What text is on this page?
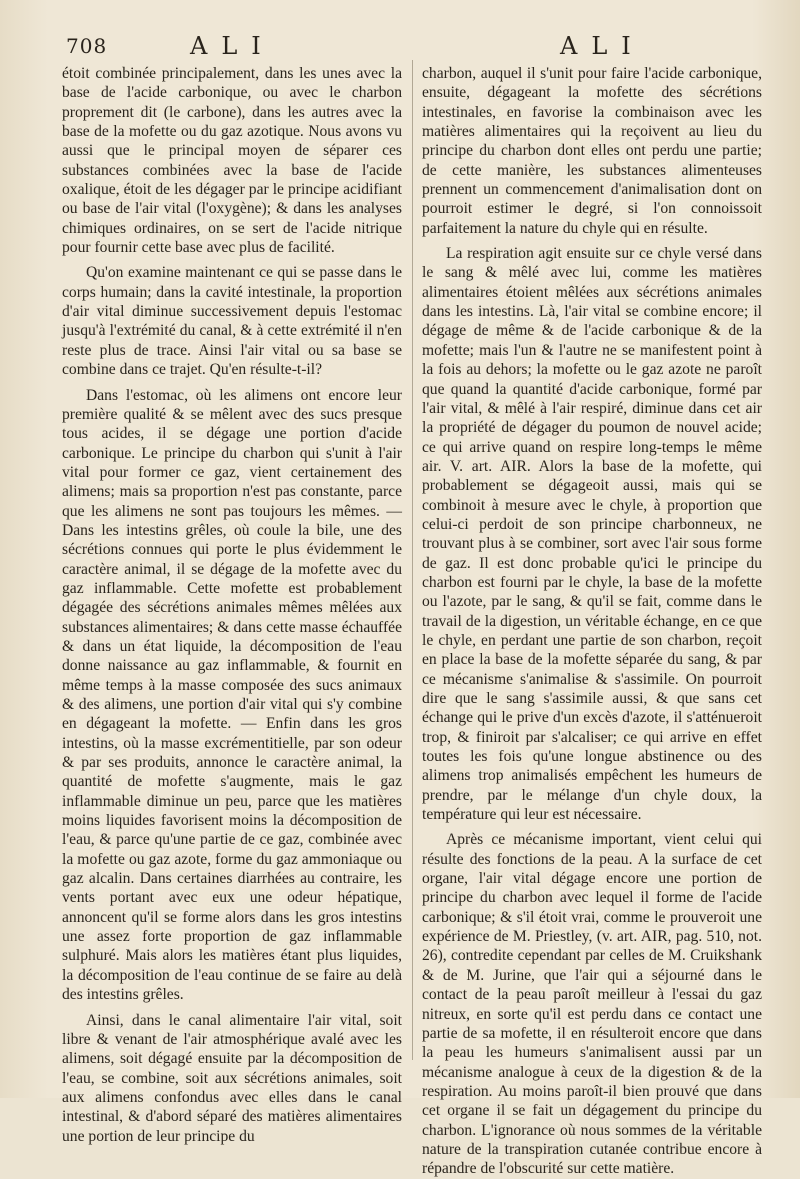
708	ALI	ALI

étoit combinée principalement, dans les unes avec la base de l'acide carbonique, ou avec le charbon proprement dit (le carbone), dans les autres avec la base de la mofette ou du gaz azotique. Nous avons vu aussi que le principal moyen de séparer ces substances combinées avec la base de l'acide oxalique, étoit de les dégager par le principe acidifiant ou base de l'air vital (l'oxygène); & dans les analyses chimiques ordinaires, on se sert de l'acide nitrique pour fournir cette base avec plus de facilité.

Qu'on examine maintenant ce qui se passe dans le corps humain; dans la cavité intestinale, la proportion d'air vital diminue successivement depuis l'estomac jusqu'à l'extrémité du canal, & à cette extrémité il n'en reste plus de trace. Ainsi l'air vital ou sa base se combine dans ce trajet. Qu'en résulte-t-il?

Dans l'estomac, où les alimens ont encore leur première qualité & se mêlent avec des sucs presque tous acides, il se dégage une portion d'acide carbonique. Le principe du charbon qui s'unit à l'air vital pour former ce gaz, vient certainement des alimens; mais sa proportion n'est pas constante, parce que les alimens ne sont pas toujours les mêmes. — Dans les intestins grêles, où coule la bile, une des sécrétions connues qui porte le plus évidemment le caractère animal, il se dégage de la mofette avec du gaz inflammable. Cette mofette est probablement dégagée des sécrétions animales mêmes mêlées aux substances alimentaires; & dans cette masse échauffée & dans un état liquide, la décomposition de l'eau donne naissance au gaz inflammable, & fournit en même temps à la masse composée des sucs animaux & des alimens, une portion d'air vital qui s'y combine en dégageant la mofette. — Enfin dans les gros intestins, où la masse excrémentitielle, par son odeur & par ses produits, annonce le caractère animal, la quantité de mofette s'augmente, mais le gaz inflammable diminue un peu, parce que les matières moins liquides favorisent moins la décomposition de l'eau, & parce qu'une partie de ce gaz, combinée avec la mofette ou gaz azote, forme du gaz ammoniaque ou gaz alcalin. Dans certaines diarrhées au contraire, les vents portant avec eux une odeur hépatique, annoncent qu'il se forme alors dans les gros intestins une assez forte proportion de gaz inflammable sulphuré. Mais alors les matières étant plus liquides, la décomposition de l'eau continue de se faire au delà des intestins grêles.

Ainsi, dans le canal alimentaire l'air vital, soit libre & venant de l'air atmosphérique avalé avec les alimens, soit dégagé ensuite par la décomposition de l'eau, se combine, soit aux sécrétions animales, soit aux alimens confondus avec elles dans le canal intestinal, & d'abord séparé des matières alimentaires une portion de leur principe du

charbon, auquel il s'unit pour faire l'acide carbonique, ensuite, dégageant la mofette des sécrétions intestinales, en favorise la combinaison avec les matières alimentaires qui la reçoivent au lieu du principe du charbon dont elles ont perdu une partie; de cette manière, les substances alimenteuses prennent un commencement d'animalisation dont on pourroit estimer le degré, si l'on connoissoit parfaitement la nature du chyle qui en résulte.

La respiration agit ensuite sur ce chyle versé dans le sang & mêlé avec lui, comme les matières alimentaires étoient mêlées aux sécrétions animales dans les intestins. Là, l'air vital se combine encore; il dégage de même & de l'acide carbonique & de la mofette; mais l'un & l'autre ne se manifestent point à la fois au dehors; la mofette ou le gaz azote ne paroît que quand la quantité d'acide carbonique, formé par l'air vital, & mêlé à l'air respiré, diminue dans cet air la propriété de dégager du poumon de nouvel acide; ce qui arrive quand on respire long-temps le même air. V. art. AIR. Alors la base de la mofette, qui probablement se dégageoit aussi, mais qui se combinoit à mesure avec le chyle, à proportion que celui-ci perdoit de son principe charbonneux, ne trouvant plus à se combiner, sort avec l'air sous forme de gaz. Il est donc probable qu'ici le principe du charbon est fourni par le chyle, la base de la mofette ou l'azote, par le sang, & qu'il se fait, comme dans le travail de la digestion, un véritable échange, en ce que le chyle, en perdant une partie de son charbon, reçoit en place la base de la mofette séparée du sang, & par ce mécanisme s'animalise & s'assimile. On pourroit dire que le sang s'assimile aussi, & que sans cet échange qui le prive d'un excès d'azote, il s'atténueroit trop, & finiroit par s'alcaliser; ce qui arrive en effet toutes les fois qu'une longue abstinence ou des alimens trop animalisés empêchent les humeurs de prendre, par le mélange d'un chyle doux, la température qui leur est nécessaire.

Après ce mécanisme important, vient celui qui résulte des fonctions de la peau. A la surface de cet organe, l'air vital dégage encore une portion de principe du charbon avec lequel il forme de l'acide carbonique; & s'il étoit vrai, comme le prouveroit une expérience de M. Priestley, (v. art. AIR, pag. 510, not. 26), contredite cependant par celles de M. Cruikshank & de M. Jurine, que l'air qui a séjourné dans le contact de la peau paroît meilleur à l'essai du gaz nitreux, en sorte qu'il est perdu dans ce contact une partie de sa mofette, il en résulteroit encore que dans la peau les humeurs s'animalisent aussi par un mécanisme analogue à ceux de la digestion & de la respiration. Au moins paroît-il bien prouvé que dans cet organe il se fait un dégagement du principe du charbon. L'ignorance où nous sommes de la véritable nature de la transpiration cutanée contribue encore à répandre de l'obscurité sur cette matière.
